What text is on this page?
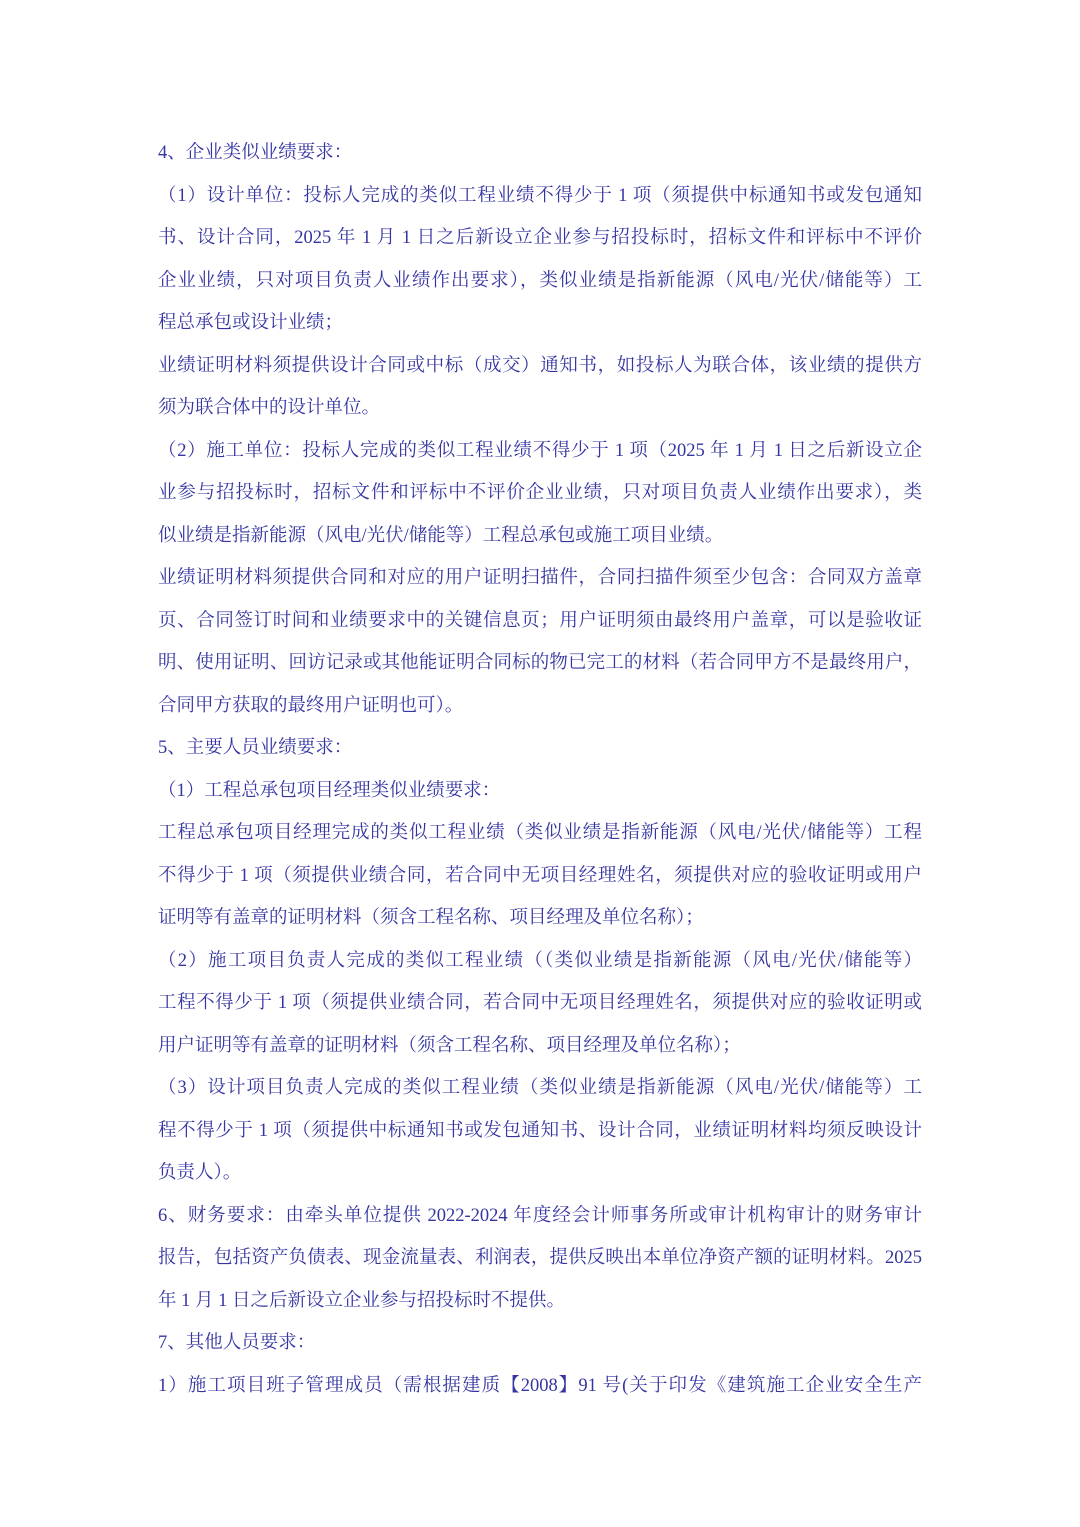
4、企业类似业绩要求：
（1）设计单位：投标人完成的类似工程业绩不得少于 1 项（须提供中标通知书或发包通知
书、设计合同，2025 年 1 月 1 日之后新设立企业参与招投标时，招标文件和评标中不评价
企业业绩，只对项目负责人业绩作出要求），类似业绩是指新能源（风电/光伏/储能等）工
程总承包或设计业绩；
业绩证明材料须提供设计合同或中标（成交）通知书，如投标人为联合体，该业绩的提供方
须为联合体中的设计单位。
（2）施工单位：投标人完成的类似工程业绩不得少于 1 项（2025 年 1 月 1 日之后新设立企
业参与招投标时，招标文件和评标中不评价企业业绩，只对项目负责人业绩作出要求），类
似业绩是指新能源（风电/光伏/储能等）工程总承包或施工项目业绩。
业绩证明材料须提供合同和对应的用户证明扫描件，合同扫描件须至少包含：合同双方盖章
页、合同签订时间和业绩要求中的关键信息页；用户证明须由最终用户盖章，可以是验收证
明、使用证明、回访记录或其他能证明合同标的物已完工的材料（若合同甲方不是最终用户，
合同甲方获取的最终用户证明也可）。
5、主要人员业绩要求：
（1）工程总承包项目经理类似业绩要求：
工程总承包项目经理完成的类似工程业绩（类似业绩是指新能源（风电/光伏/储能等）工程
不得少于 1 项（须提供业绩合同，若合同中无项目经理姓名，须提供对应的验收证明或用户
证明等有盖章的证明材料（须含工程名称、项目经理及单位名称）；
（2）施工项目负责人完成的类似工程业绩（（类似业绩是指新能源（风电/光伏/储能等）
工程不得少于 1 项（须提供业绩合同，若合同中无项目经理姓名，须提供对应的验收证明或
用户证明等有盖章的证明材料（须含工程名称、项目经理及单位名称）；
（3）设计项目负责人完成的类似工程业绩（类似业绩是指新能源（风电/光伏/储能等）工
程不得少于 1 项（须提供中标通知书或发包通知书、设计合同，业绩证明材料均须反映设计
负责人）。
6、财务要求：由牵头单位提供 2022-2024 年度经会计师事务所或审计机构审计的财务审计
报告，包括资产负债表、现金流量表、利润表，提供反映出本单位净资产额的证明材料。2025
年 1 月 1 日之后新设立企业参与招投标时不提供。
7、其他人员要求：
1）施工项目班子管理成员（需根据建质【2008】91 号(关于印发《建筑施工企业安全生产
